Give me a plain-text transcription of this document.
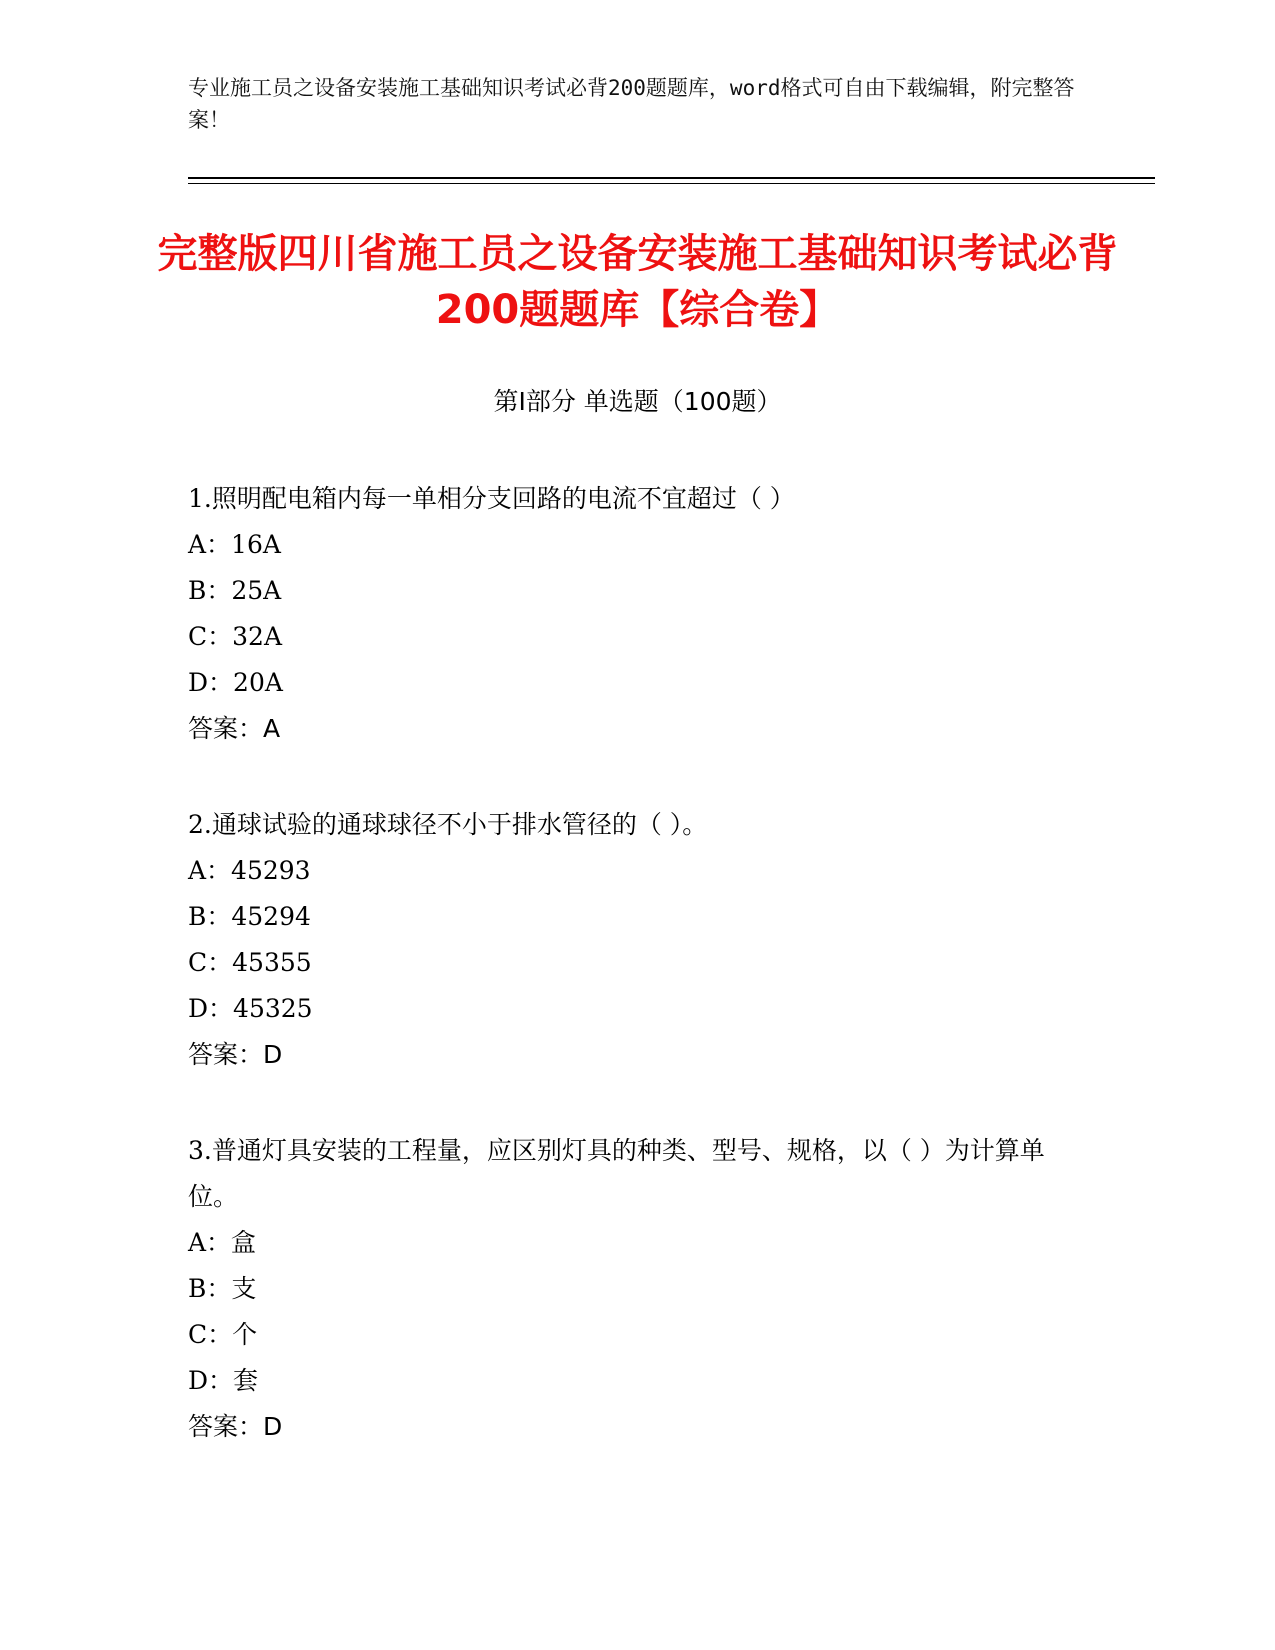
专业施工员之设备安装施工基础知识考试必背200题题库，word格式可自由下载编辑，附完整答案！
完整版四川省施工员之设备安装施工基础知识考试必背200题题库【综合卷】
第Ⅰ部分 单选题（100题）

1.照明配电箱内每一单相分支回路的电流不宜超过（ ）

A：16A

B：25A

C：32A

D：20A

答案：A

2.通球试验的通球球径不小于排水管径的（ ）。

A：45293

B：45294

C：45355

D：45325

答案：D

3.普通灯具安装的工程量，应区别灯具的种类、型号、规格，以（ ）为计算单位。

A：盒

B：支

C：个

D：套

答案：D
